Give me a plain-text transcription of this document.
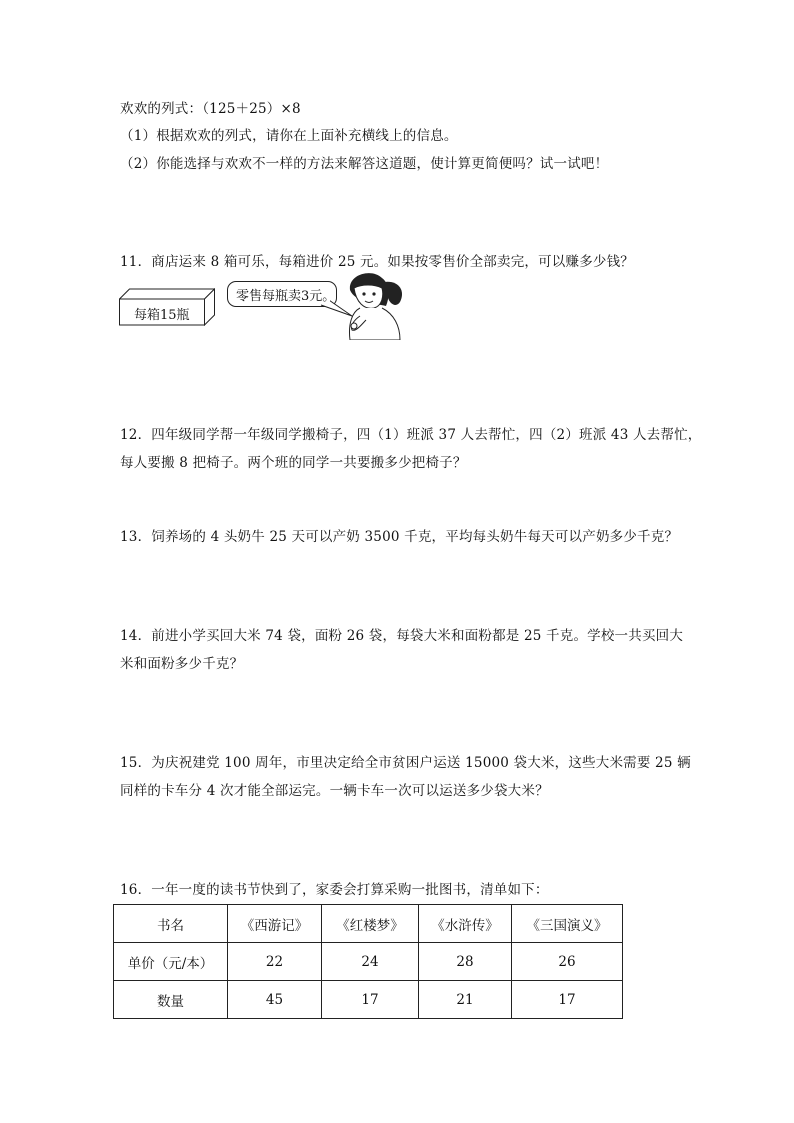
欢欢的列式：（125＋25）×8
（1）根据欢欢的列式，请你在上面补充横线上的信息。
（2）你能选择与欢欢不一样的方法来解答这道题，使计算更简便吗？试一试吧！
11．商店运来 8 箱可乐，每箱进价 25 元。如果按零售价全部卖完，可以赚多少钱？
每箱15瓶
零售每瓶卖3元。
12．四年级同学帮一年级同学搬椅子，四（1）班派 37 人去帮忙，四（2）班派 43 人去帮忙，
每人要搬 8 把椅子。两个班的同学一共要搬多少把椅子？
13．饲养场的 4 头奶牛 25 天可以产奶 3500 千克，平均每头奶牛每天可以产奶多少千克？
14．前进小学买回大米 74 袋，面粉 26 袋，每袋大米和面粉都是 25 千克。学校一共买回大
米和面粉多少千克？
15．为庆祝建党 100 周年，市里决定给全市贫困户运送 15000 袋大米，这些大米需要 25 辆
同样的卡车分 4 次才能全部运完。一辆卡车一次可以运送多少袋大米？
16．一年一度的读书节快到了，家委会打算采购一批图书，清单如下：
书名	《西游记》	《红楼梦》	《水浒传》	《三国演义》
单价（元/本）	22	24	28	26
数量	45	17	21	17
